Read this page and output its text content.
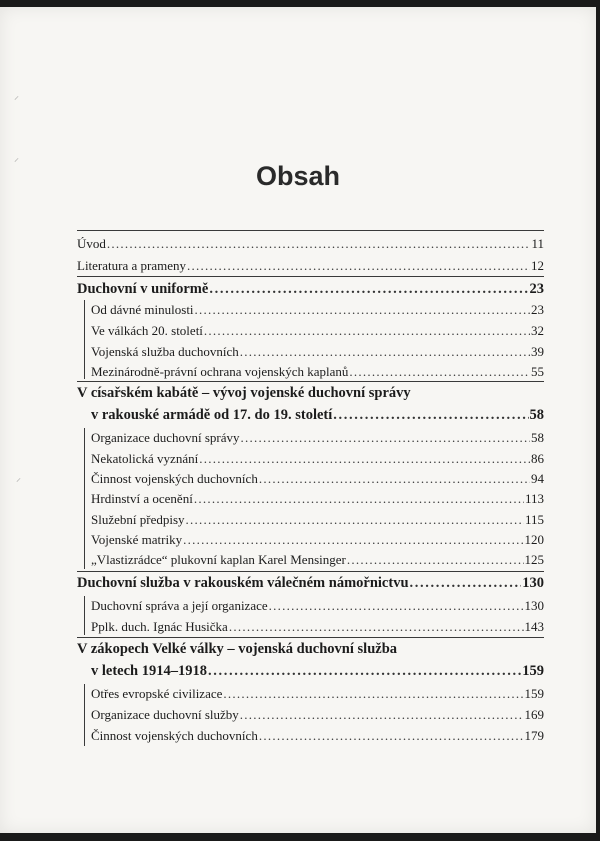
Obsah
Úvod . . .	11
Literatura a prameny . . .	12
Duchovní v uniformě . . .	23
Od dávné minulosti . . .	23
Ve válkách 20. století . . .	32
Vojenská služba duchovních . . .	39
Mezinárodně-právní ochrana vojenských kaplanů . . .	55
V císařském kabátě – vývoj vojenské duchovní správy
v rakouské armádě od 17. do 19. století . . .	58
Organizace duchovní správy . . .	58
Nekatolická vyznání . . .	86
Činnost vojenských duchovních . . .	94
Hrdinství a ocenění . . .	113
Služební předpisy . . .	115
Vojenské matriky . . .	120
„Vlastizrádce“ plukovní kaplan Karel Mensinger . . .	125
Duchovní služba v rakouském válečném námořnictvu . . .	130
Duchovní správa a její organizace . . .	130
Pplk. duch. Ignác Husička . . .	143
V zákopech Velké války – vojenská duchovní služba
v letech 1914–1918 . . .	159
Otřes evropské civilizace . . .	159
Organizace duchovní služby . . .	169
Činnost vojenských duchovních . . .	179
⸝
⸝
⸝
